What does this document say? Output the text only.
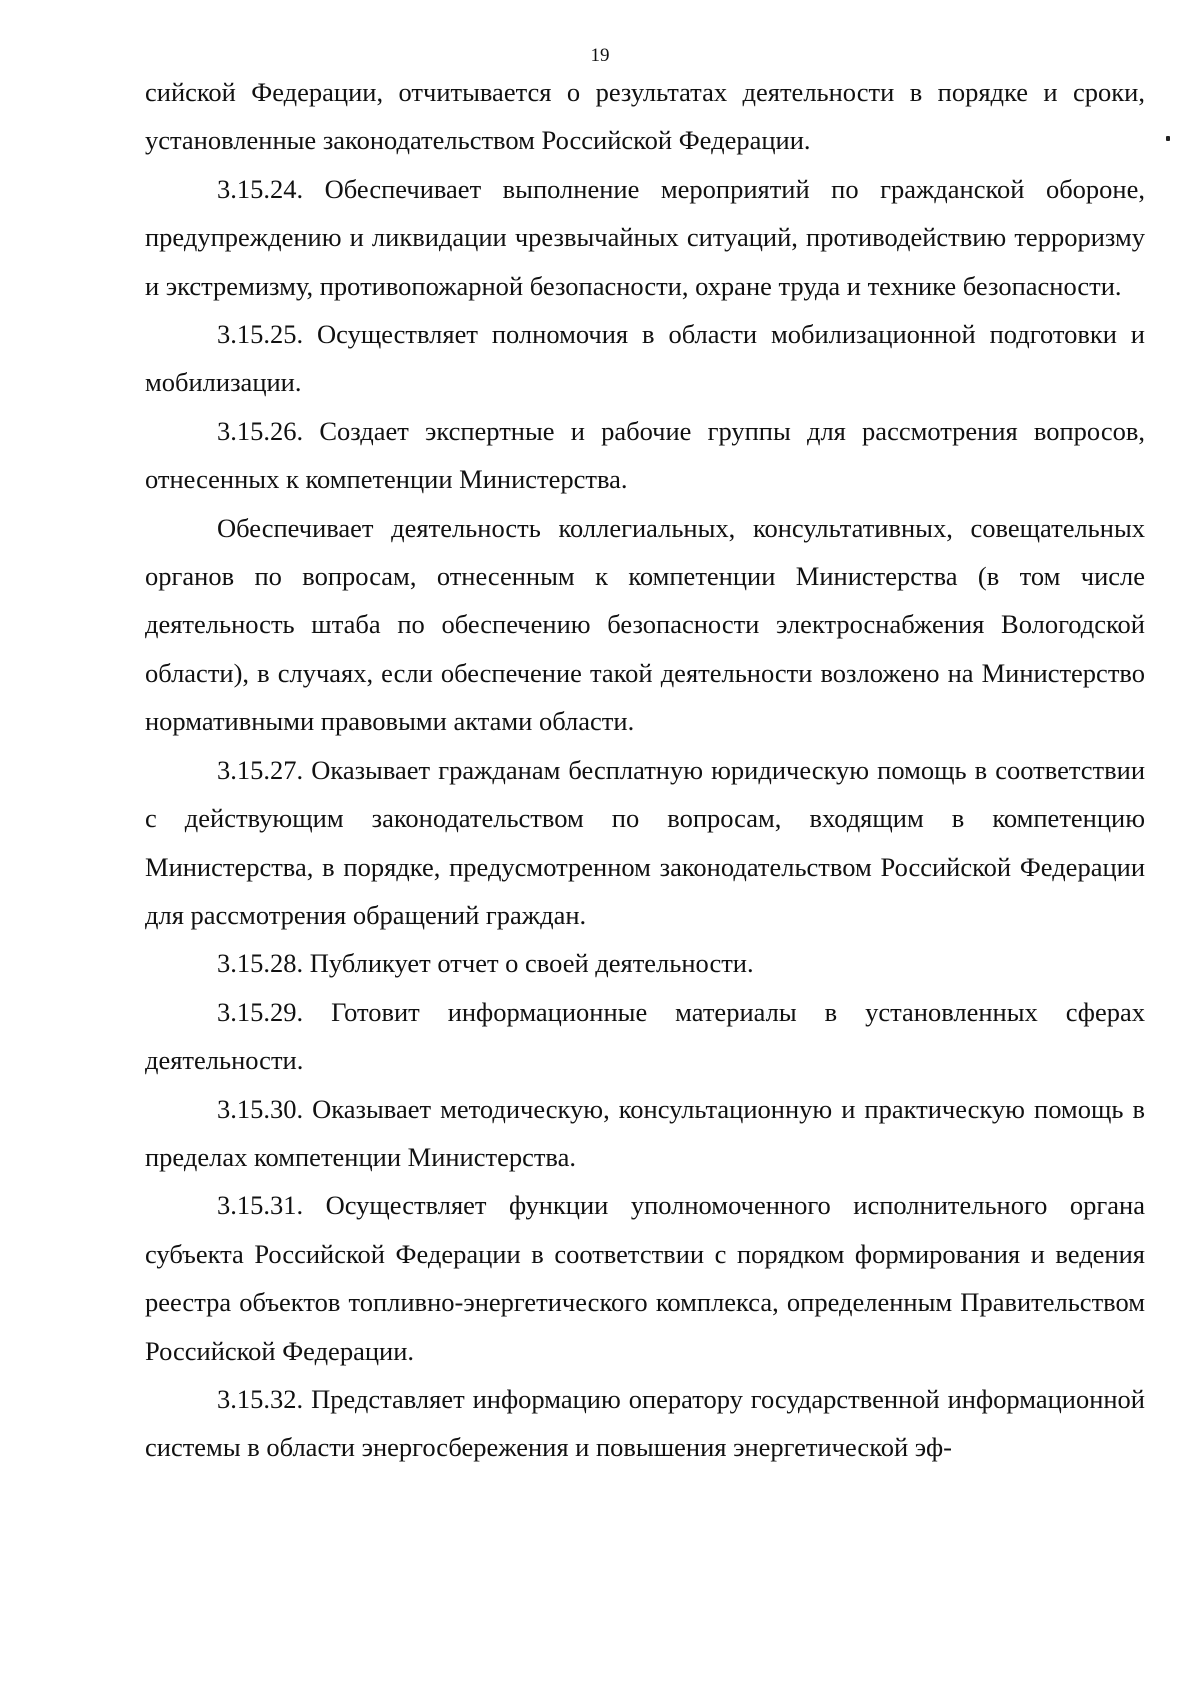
19

сийской Федерации, отчитывается о результатах деятельности в порядке и сроки, установленные законодательством Российской Федерации.

3.15.24. Обеспечивает выполнение мероприятий по гражданской обороне, предупреждению и ликвидации чрезвычайных ситуаций, противодействию терроризму и экстремизму, противопожарной безопасности, охране труда и технике безопасности.

3.15.25. Осуществляет полномочия в области мобилизационной подготовки и мобилизации.

3.15.26. Создает экспертные и рабочие группы для рассмотрения вопросов, отнесенных к компетенции Министерства.

Обеспечивает деятельность коллегиальных, консультативных, совещательных органов по вопросам, отнесенным к компетенции Министерства (в том числе деятельность штаба по обеспечению безопасности электроснабжения Вологодской области), в случаях, если обеспечение такой деятельности возложено на Министерство нормативными правовыми актами области.

3.15.27. Оказывает гражданам бесплатную юридическую помощь в соответствии с действующим законодательством по вопросам, входящим в компетенцию Министерства, в порядке, предусмотренном законодательством Российской Федерации для рассмотрения обращений граждан.

3.15.28. Публикует отчет о своей деятельности.

3.15.29. Готовит информационные материалы в установленных сферах деятельности.

3.15.30. Оказывает методическую, консультационную и практическую помощь в пределах компетенции Министерства.

3.15.31. Осуществляет функции уполномоченного исполнительного органа субъекта Российской Федерации в соответствии с порядком формирования и ведения реестра объектов топливно-энергетического комплекса, определенным Правительством Российской Федерации.

3.15.32. Представляет информацию оператору государственной информационной системы в области энергосбережения и повышения энергетической эф-
